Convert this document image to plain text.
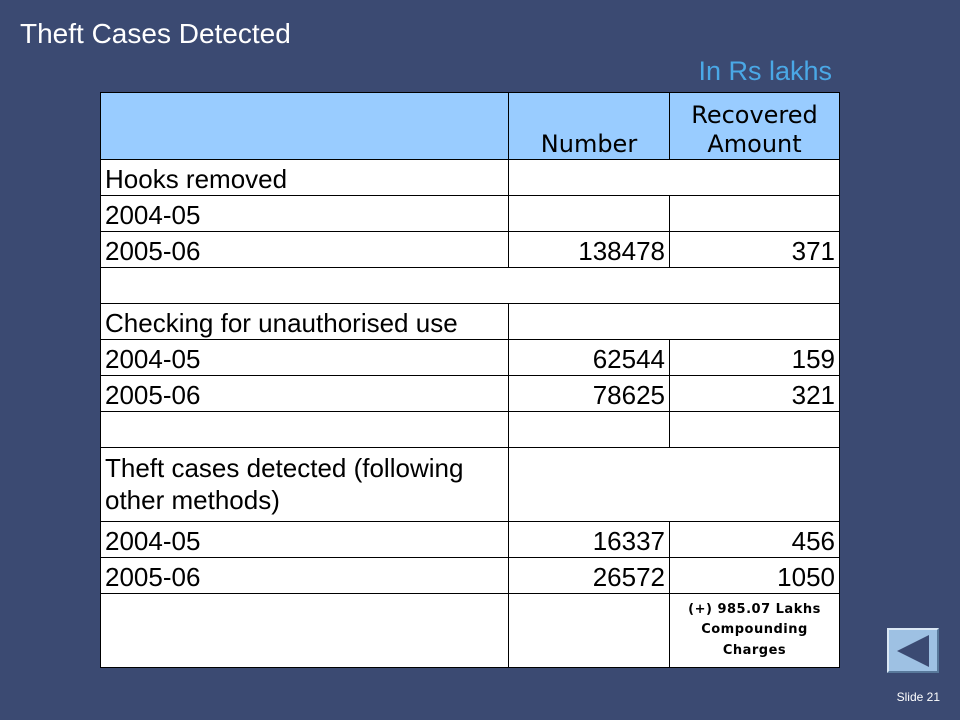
Theft Cases Detected
In Rs lakhs
	Number	Recovered
Amount
Hooks removed		
2004-05		
2005-06	138478	371

Checking for unauthorised use		
2004-05	62544	159
2005-06	78625	321

Theft cases detected (following other methods)		
2004-05	16337	456
2005-06	26572	1050
		(+) 985.07 Lakhs
Compounding
Charges
Slide 21
